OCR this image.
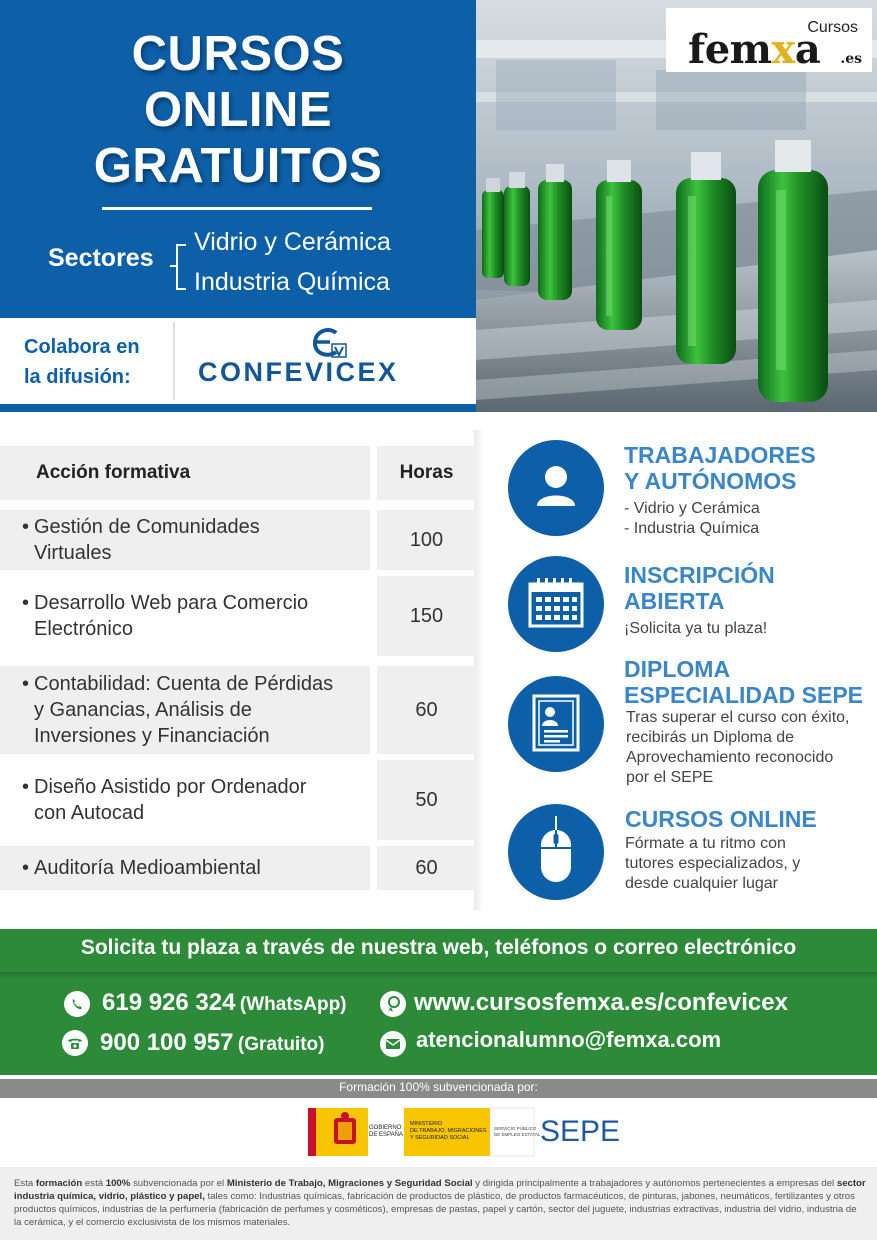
CURSOS
ONLINE
GRATUITOS
Sectores
Vidrio y Cerámica
Industria Química
Colabora en
la difusión:	CONFEVICEX
Cursos
femxa .es
Acción formativa	Horas
• Gestión de Comunidades
Virtuales
100
• Desarrollo Web para Comercio
Electrónico
150
• Contabilidad: Cuenta de Pérdidas
y Ganancias, Análisis de
Inversiones y Financiación
60
• Diseño Asistido por Ordenador
con Autocad
50
• Auditoría Medioambiental	60
TRABAJADORES
Y AUTÓNOMOS
- Vidrio y Cerámica
- Industria Química
INSCRIPCIÓN
ABIERTA
¡Solicita ya tu plaza!
DIPLOMA
ESPECIALIDAD SEPE
Tras superar el curso con éxito,
recibirás un Diploma de
Aprovechamiento reconocido
por el SEPE
CURSOS ONLINE
Fórmate a tu ritmo con
tutores especializados, y
desde cualquier lugar
Solicita tu plaza a través de nuestra web, teléfonos o correo electrónico
619 926 324 (WhatsApp)
900 100 957 (Gratuito)
www.cursosfemxa.es/confevicex
atencionalumno@femxa.com
Formación 100% subvencionada por:
GOBIERNO
DE ESPAÑA
MINISTERIO
DE TRABAJO, MIGRACIONES
Y SEGURIDAD SOCIAL
SERVICIO PÚBLICO
DE EMPLEO ESTATAL SEPE
Esta formación está 100% subvencionada por el Ministerio de Trabajo, Migraciones y Seguridad Social y dirigida principalmente a trabajadores y autónomos pertenecientes a empresas del sector industria química, vidrio, plástico y papel, tales como: Industrias químicas, fabricación de productos de plástico, de productos farmacéuticos, de pinturas, jabones, neumáticos, fertilizantes y otros productos químicos, industrias de la perfumería (fabricación de perfumes y cosméticos), empresas de pastas, papel y cartón, sector del juguete, industrias extractivas, industria del vidrio, industria de la cerámica, y el comercio exclusivista de los mismos materiales.
